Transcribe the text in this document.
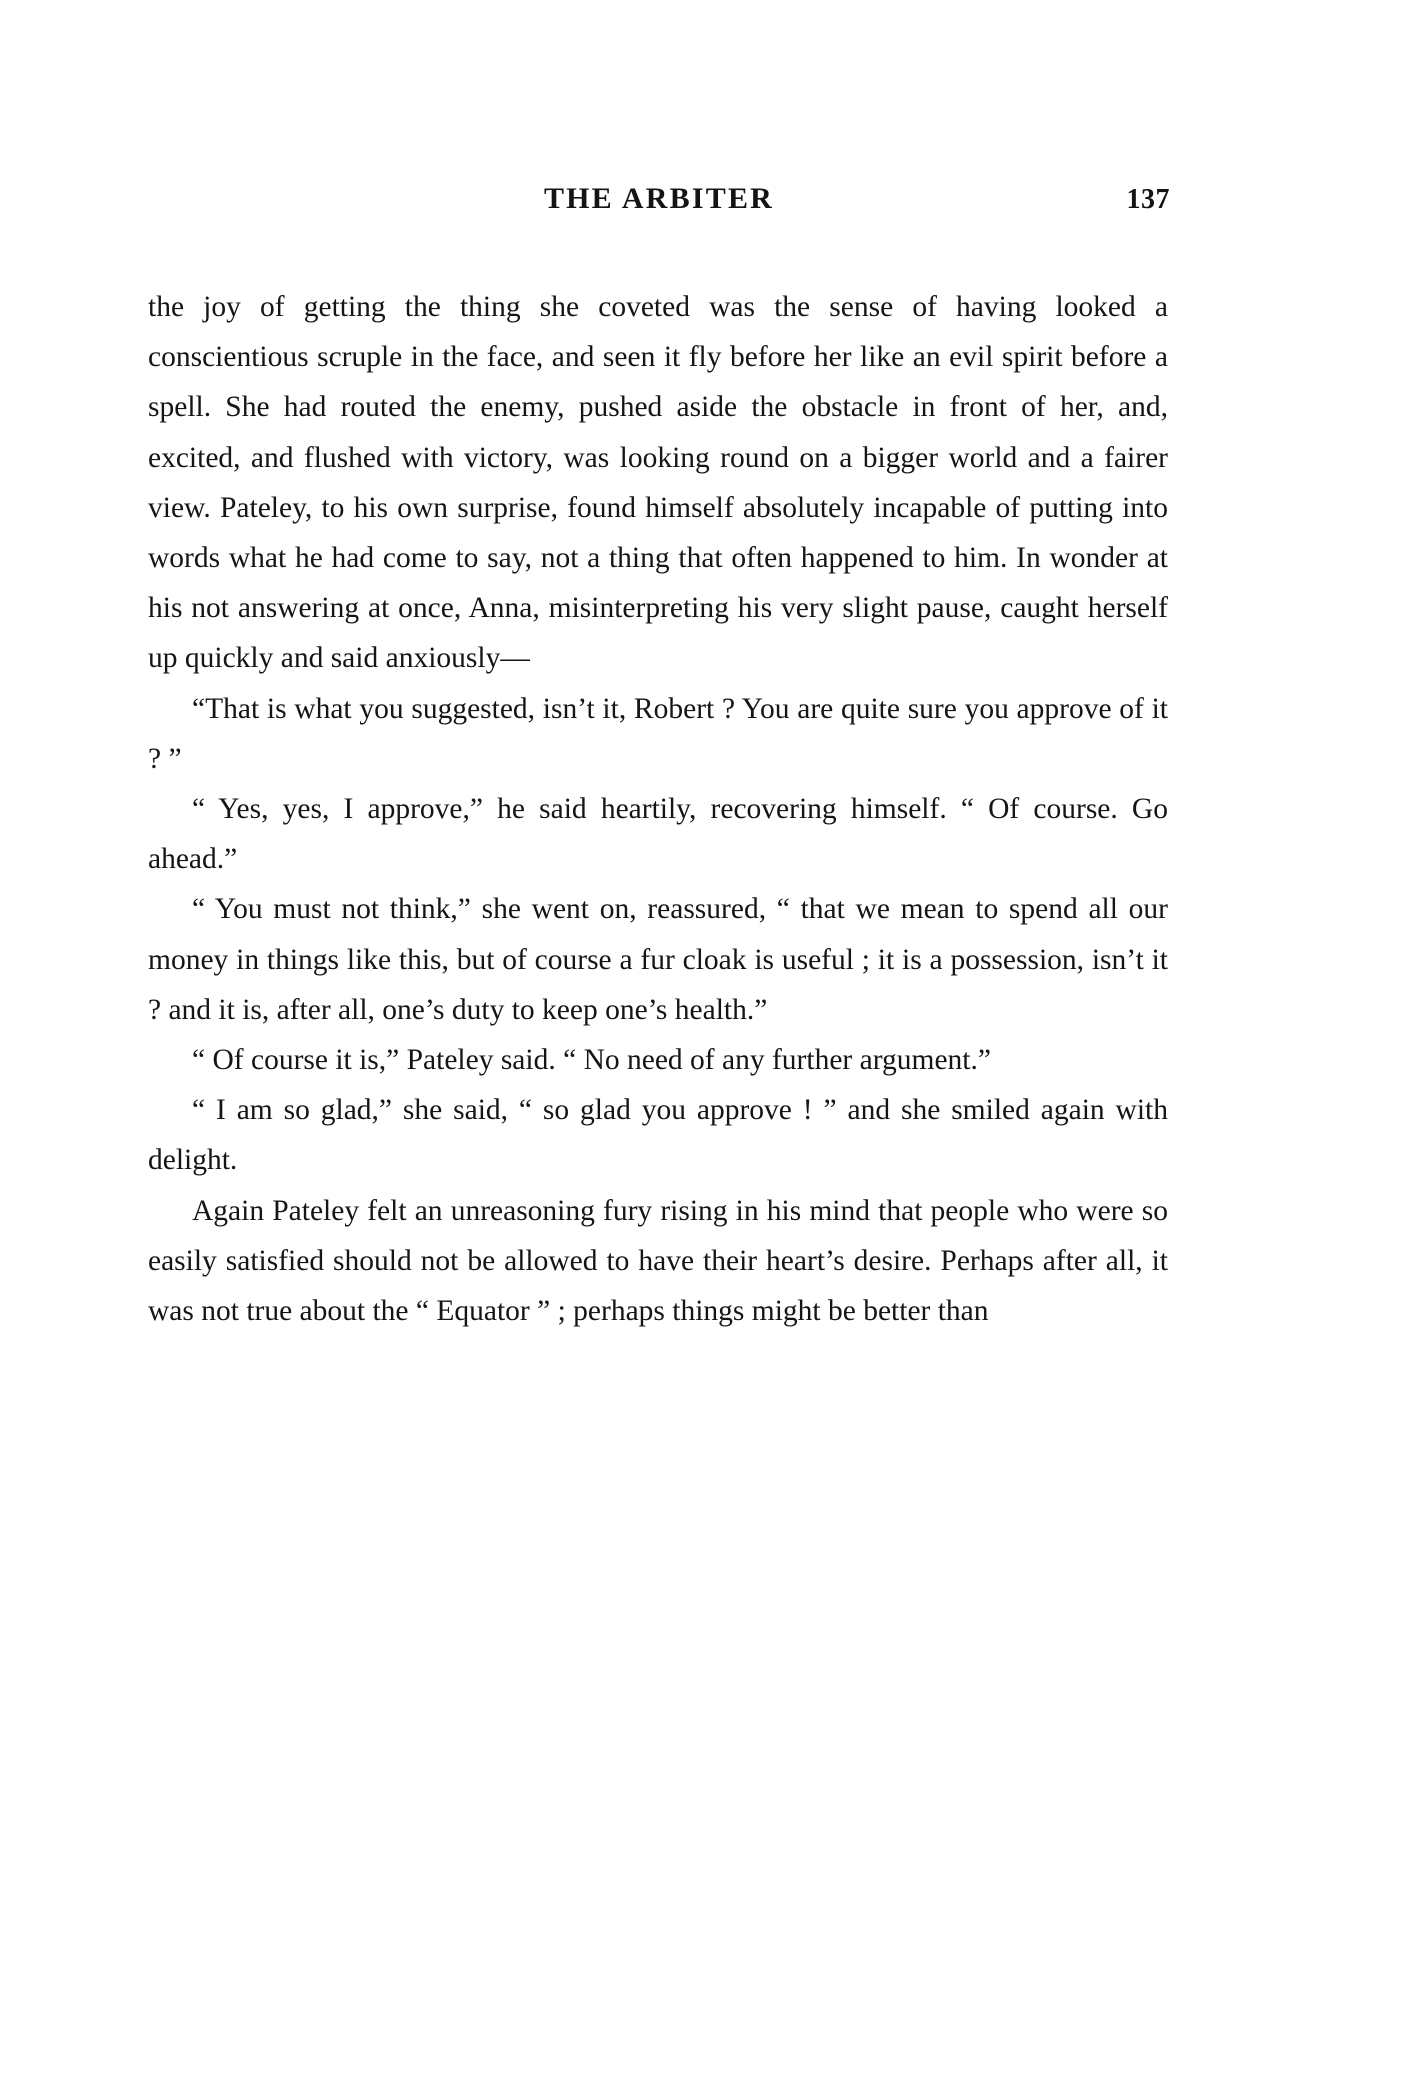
THE ARBITER	137

the joy of getting the thing she coveted was the sense of having looked a conscientious scruple in the face, and seen it fly before her like an evil spirit before a spell. She had routed the enemy, pushed aside the obstacle in front of her, and, excited, and flushed with victory, was looking round on a bigger world and a fairer view. Pateley, to his own surprise, found himself absolutely incapable of putting into words what he had come to say, not a thing that often happened to him. In wonder at his not answering at once, Anna, misinterpreting his very slight pause, caught herself up quickly and said anxiously—

“That is what you suggested, isn’t it, Robert ? You are quite sure you approve of it ? ”

“ Yes, yes, I approve,” he said heartily, recovering himself. “ Of course. Go ahead.”

“ You must not think,” she went on, reassured, “ that we mean to spend all our money in things like this, but of course a fur cloak is useful ; it is a possession, isn’t it ? and it is, after all, one’s duty to keep one’s health.”

“ Of course it is,” Pateley said. “ No need of any further argument.”

“ I am so glad,” she said, “ so glad you approve ! ” and she smiled again with delight.

Again Pateley felt an unreasoning fury rising in his mind that people who were so easily satisfied should not be allowed to have their heart’s desire. Perhaps after all, it was not true about the “ Equator ” ; perhaps things might be better than
